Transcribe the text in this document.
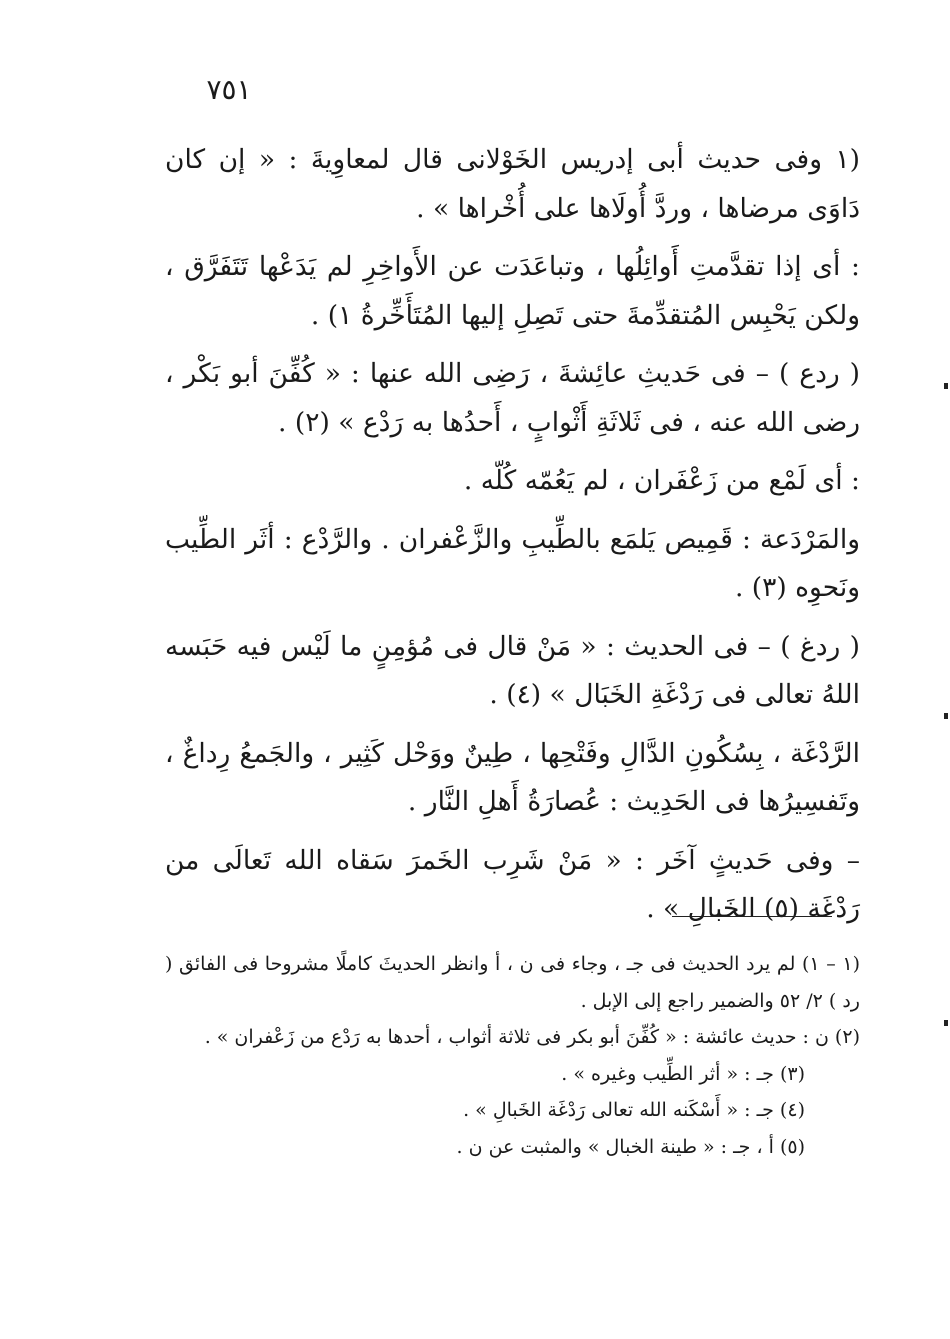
٧٥١

(١ وفى حديث أبى إدريس الخَوْلانى قال لمعاوِيةَ : « إن كان دَاوَى مرضاها ، وردَّ أُولَاها على أُخْراها » .

: أى إذا تقدَّمتِ أَوائِلُها ، وتباعَدَت عن الأَواخِرِ لم يَدَعْها تَتَفَرَّق ، ولكن يَحْبِس المُتقدِّمةَ حتى تَصِلِ إليها المُتَأَخِّرةُ ١) .

( ردع ) – فى حَديثِ عائِشةَ ، رَضِى الله عنها : « كُفِّنَ أبو بَكْر ، رضى الله عنه ، فى ثَلاثَةِ أَثْوابٍ ، أَحدُها به رَدْع » (٢) .

: أى لَمْع من زَعْفَران ، لم يَعُمّه كُلّه .

والمَرْدَعة : قَمِيص يَلمَع بالطِّيبِ والزَّعْفران . والرَّدْع : أثَر الطِّيب ونَحوِه (٣) .

( ردغ ) – فى الحديث : « مَنْ قال فى مُؤمِنٍ ما لَيْس فيه حَبَسه اللهُ تعالى فى رَدْغَةِ الخَبَال » (٤) .

الرَّدْغَة ، بِسُكُونِ الدَّالِ وفَتْحِها ، طِينٌ ووَحْل كَثِير ، والجَمعُ رِداغٌ ، وتَفسِيرُها فى الحَدِيث : عُصارَةُ أَهلِ النَّار .

– وفى حَديثٍ آخَر : « مَنْ شَرِب الخَمرَ سَقاه الله تَعالَى من رَدْغَة (٥) الخَبالِ » .

(١ – ١) لم يرد الحديث فى جـ ، وجاء فى ن ، أ وانظر الحديثَ كاملًا مشروحا فى الفائق ( رد ) ٢/ ٥٢ والضمير راجع إلى الإبل .

(٢) ن : حديث عائشة : « كُفِّنَ أبو بكر فى ثلاثة أثواب ، أحدها به رَدْع من زَعْفران » .

(٣) جـ : « أثر الطِّيب وغيره » .

(٤) جـ : « أَسْكَنه الله تعالى رَدْغَة الخَبالِ » .

(٥) أ ، جـ : « طينة الخبال » والمثبت عن ن .
